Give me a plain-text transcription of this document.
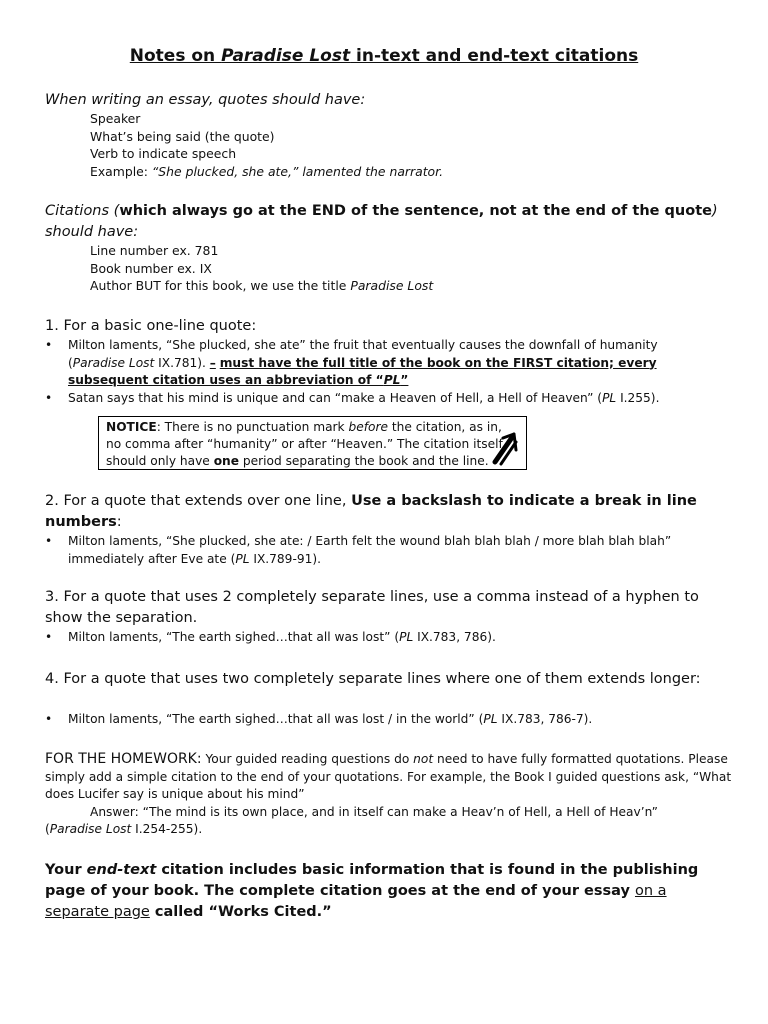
Notes on Paradise Lost in-text and end-text citations
When writing an essay, quotes should have:
Speaker
What’s being said (the quote)
Verb to indicate speech
Example: “She plucked, she ate,” lamented the narrator.
Citations (which always go at the END of the sentence, not at the end of the quote) should have:
Line number ex. 781
Book number ex. IX
Author BUT for this book, we use the title Paradise Lost
1. For a basic one-line quote:
• Milton laments, “She plucked, she ate” the fruit that eventually causes the downfall of humanity
(Paradise Lost IX.781). – must have the full title of the book on the FIRST citation; every subsequent citation uses an abbreviation of “PL”
• Satan says that his mind is unique and can “make a Heaven of Hell, a Hell of Heaven” (PL I.255).
NOTICE: There is no punctuation mark before the citation, as in,
no comma after “humanity” or after “Heaven.” The citation itself
should only have one period separating the book and the line.
2. For a quote that extends over one line, Use a backslash to indicate a break in line numbers:
• Milton laments, “She plucked, she ate: / Earth felt the wound blah blah blah / more blah blah blah” immediately after Eve ate (PL IX.789-91).
3. For a quote that uses 2 completely separate lines, use a comma instead of a hyphen to show the separation.
• Milton laments, “The earth sighed…that all was lost” (PL IX.783, 786).
4. For a quote that uses two completely separate lines where one of them extends longer:
• Milton laments, “The earth sighed…that all was lost / in the world” (PL IX.783, 786-7).
FOR THE HOMEWORK: Your guided reading questions do not need to have fully formatted quotations. Please simply add a simple citation to the end of your quotations. For example, the Book I guided questions ask, “What does Lucifer say is unique about his mind”
Answer: “The mind is its own place, and in itself can make a Heav’n of Hell, a Hell of Heav’n”
(Paradise Lost I.254-255).
Your end-text citation includes basic information that is found in the publishing page of your book. The complete citation goes at the end of your essay on a separate page called “Works Cited.”
